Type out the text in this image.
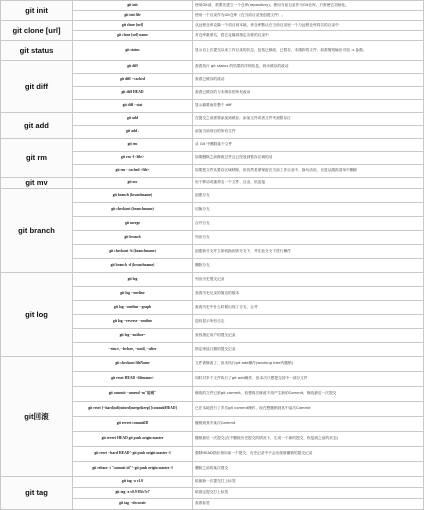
git init	git init	使用Git前，需要先建立一个仓库(repository)。使用当前目录作为Git仓库，只需使它初始化。
	git init file	使用一个目录作为Git仓库（在当前目录里创建文件）。
git clone [url]	git clone [url]	从远程仓库克隆一个项目到本地，该仓库默认在当前目录里一个与远程仓库同名的目录中
	git clone [url] name	对仓库重命名，将它克隆到指定名称的目录中
git status	git status	显示自上次提交以来工作目录的状态，包括已修改、已暂存、未跟踪的文件；如需简短输出可加 -s 参数。
git diff	git diff	查看执行 git status 的结果的详细信息，尚未缓存的改动
	git diff --cached	查看已缓存的改动
	git diff HEAD	查看已缓存的与未缓存的所有改动
	git diff --stat	显示摘要而非整个 diff
git add	git add	在提交之前需要添加到缓存，添加文件或者文件夹到暂存区
	git add .	添加当前项目的所有文件
git rm	git rm	从 Git 中删除某个文件
	git rm -f <file>	如果删除之前修改过并且已经放到暂存区域的话
	git rm --cached <file>	如果把文件从暂存区域移除，但仍然希望保留在当前工作目录中，换句话说，仅是从跟踪清单中删除
git mv	git mv	用于移动或重命名一个文件、目录、软连接
git branch	git branch (branchname)	创建分支
	git checkout (branchname)	切换分支
	git merge	合并分支
	git branch	列出分支
	git checkout -b (branchname)	创建新分支并立即切换到该分支下，并在此分支下进行操作
	git branch -d (branchname)	删除分支
git log	git log	列出历史提交记录
	git log --oneline	查看历史记录的简洁的版本
	git log --oneline --graph	查看历史中什么时候出现了分支、合并
	git log --reverse --oneline	逆向显示所有日志
	git log --author=	查找指定用户的提交记录
	--since, --before, --until, --after	指定帅选日期的提交记录
git回滚	git checkout fileName	文件被修改了，但未执行git add操作(working tree内撤销)
	git reset HEAD <filename>	同时对多个文件执行了git add操作，但本次只想提交其中一部分文件
	git commit --amend -m"说明"	修改的文件已被git commit，但想再次修改不再产生新的Commit，修改最后一次提交
	git reset [--hard|soft|mixed|merge|keep] [commit|HEAD]	已在本地进行了多次git commit操作，现在想撤销到其中某次Commit
	git revert commitID	撤销到其中某次Commit
	git revert HEAD git push origin master	撤销最后一次提交(在不删除历史提交的情况下，生成一个新的提交，恢复到之前的状态)
	git reset --hard HEAD^ git push origin master -f	强制HEAD指针指向前一个提交，历史记录中不会出现被撤销的提交记录
	git rebase -i "commit id"^ git push origin master -f	删除之前的某次提交
git tag	git tag -a v1.0	给最新一次提交打上标签
	git tag -a v0.9 85fc7e7	给指定提交打上标签
	git tag --decorate	查看标签
